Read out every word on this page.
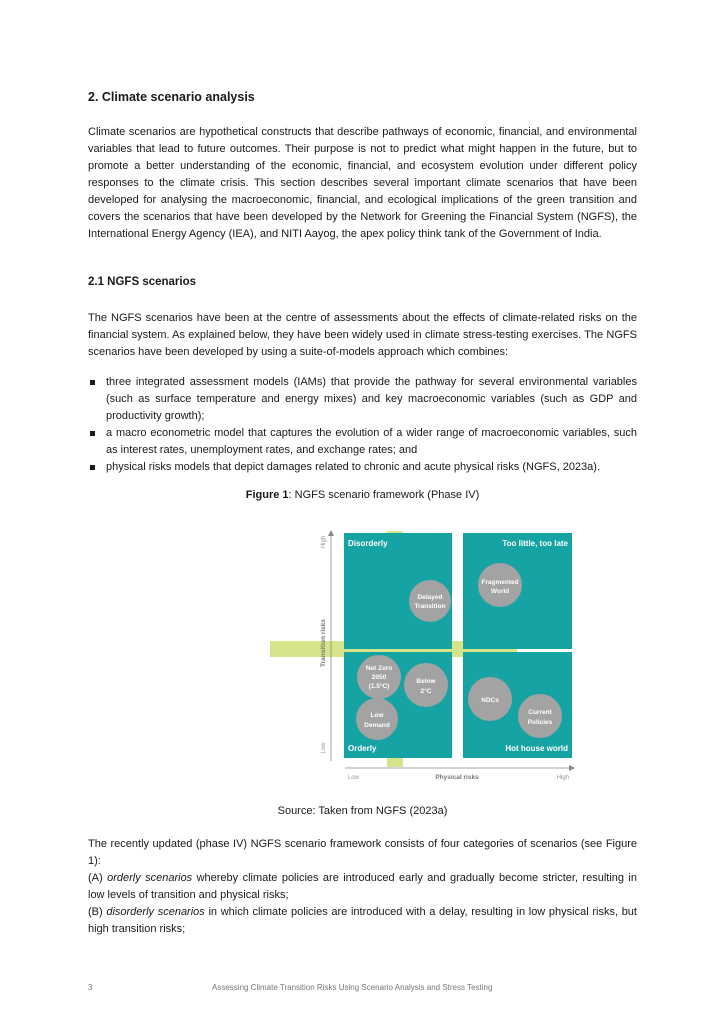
2. Climate scenario analysis

Climate scenarios are hypothetical constructs that describe pathways of economic, financial, and environmental variables that lead to future outcomes. Their purpose is not to predict what might happen in the future, but to promote a better understanding of the economic, financial, and ecosystem evolution under different policy responses to the climate crisis. This section describes several important climate scenarios that have been developed for analysing the macroeconomic, financial, and ecological implications of the green transition and covers the scenarios that have been developed by the Network for Greening the Financial System (NGFS), the International Energy Agency (IEA), and NITI Aayog, the apex policy think tank of the Government of India.

2.1 NGFS scenarios

The NGFS scenarios have been at the centre of assessments about the effects of climate-related risks on the financial system. As explained below, they have been widely used in climate stress-testing exercises. The NGFS scenarios have been developed by using a suite-of-models approach which combines:

three integrated assessment models (IAMs) that provide the pathway for several environmental variables (such as surface temperature and energy mixes) and key macroeconomic variables (such as GDP and productivity growth);
a macro econometric model that captures the evolution of a wider range of macroeconomic variables, such as interest rates, unemployment rates, and exchange rates; and
physical risks models that depict damages related to chronic and acute physical risks (NGFS, 2023a).
Figure 1: NGFS scenario framework (Phase IV)
Disorderly	Too little, too late
Orderly	Hot house world
Delayed
Transition
Fragmented
World
Net Zero
2050
(1.5°C)
Below
2°C
Low
Demand
NDCs
Current
Policies
High
Transition risks
Low
Low	Physical risks	High
Source: Taken from NGFS (2023a)
The recently updated (phase IV) NGFS scenario framework consists of four categories of scenarios (see Figure 1):
(A) orderly scenarios whereby climate policies are introduced early and gradually become stricter, resulting in low levels of transition and physical risks;
(B) disorderly scenarios in which climate policies are introduced with a delay, resulting in low physical risks, but high transition risks;
3	Assessing Climate Transition Risks Using Scenario Analysis and Stress Testing
